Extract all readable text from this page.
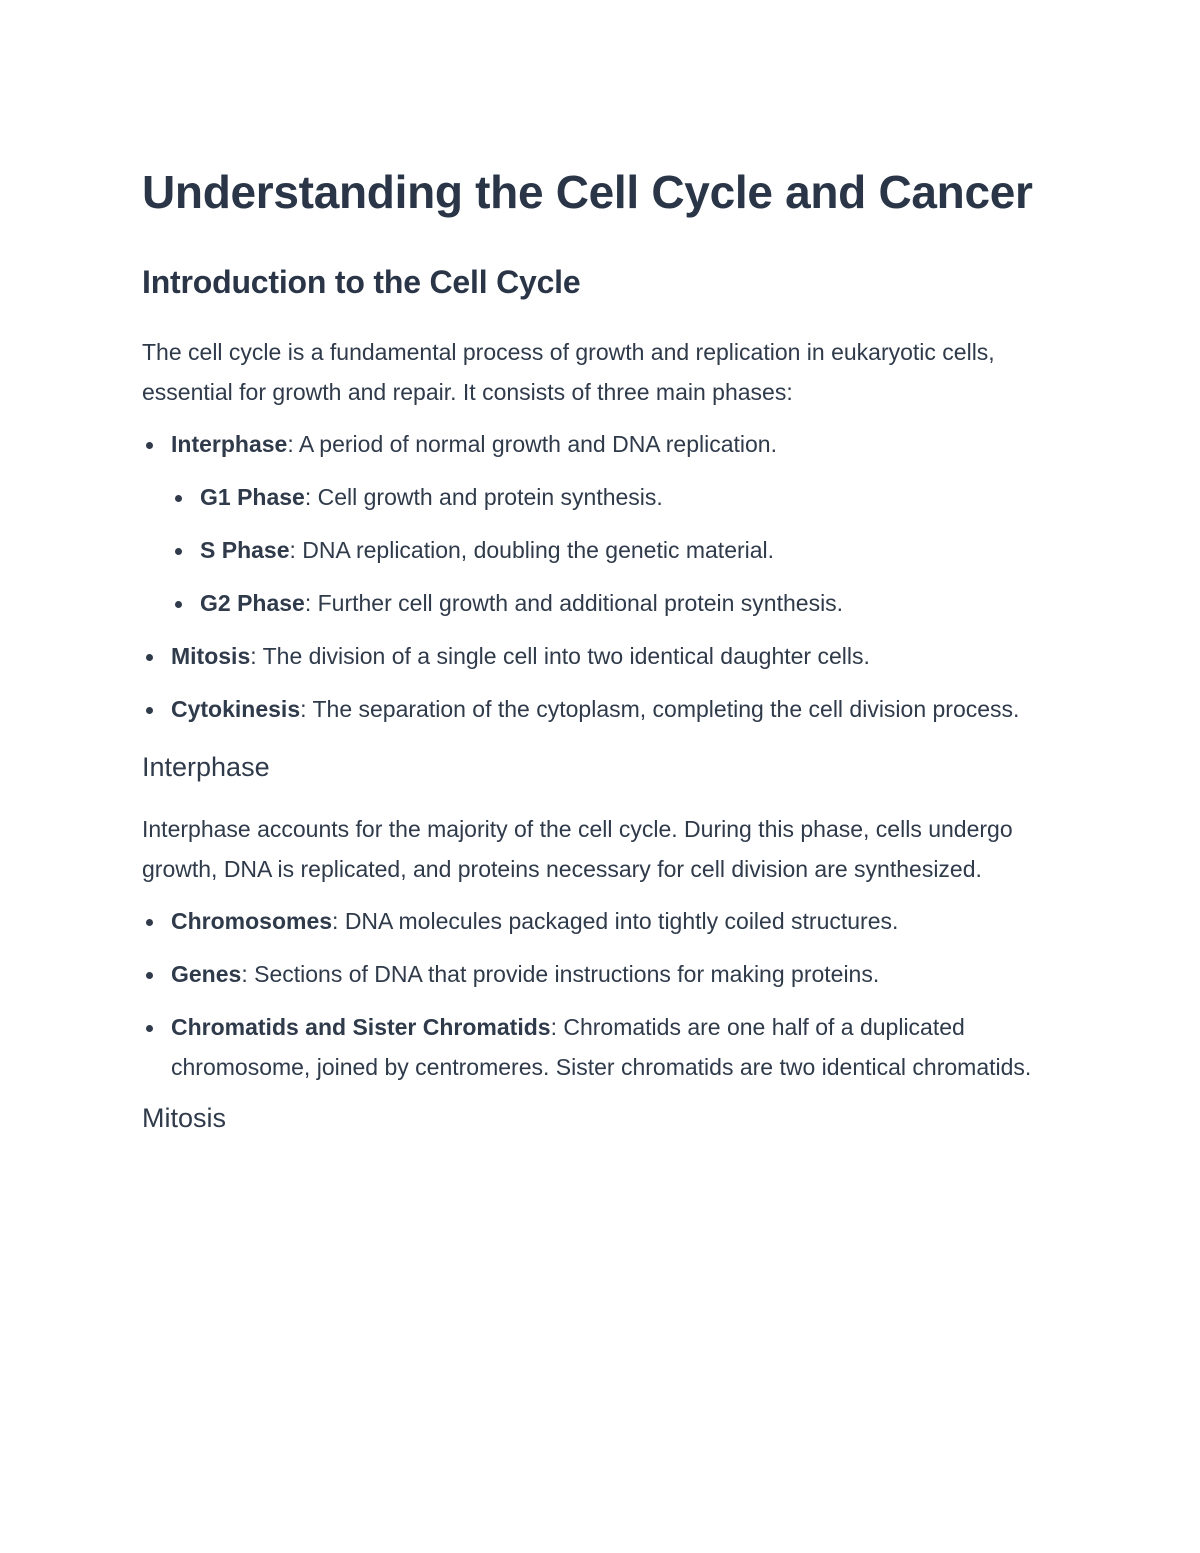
Understanding the Cell Cycle and Cancer
Introduction to the Cell Cycle

The cell cycle is a fundamental process of growth and replication in eukaryotic cells, essential for growth and repair. It consists of three main phases:

Interphase: A period of normal growth and DNA replication.
G1 Phase: Cell growth and protein synthesis.
S Phase: DNA replication, doubling the genetic material.
G2 Phase: Further cell growth and additional protein synthesis.
Mitosis: The division of a single cell into two identical daughter cells.
Cytokinesis: The separation of the cytoplasm, completing the cell division process.
Interphase

Interphase accounts for the majority of the cell cycle. During this phase, cells undergo growth, DNA is replicated, and proteins necessary for cell division are synthesized.

Chromosomes: DNA molecules packaged into tightly coiled structures.
Genes: Sections of DNA that provide instructions for making proteins.
Chromatids and Sister Chromatids: Chromatids are one half of a duplicated chromosome, joined by centromeres. Sister chromatids are two identical chromatids.
Mitosis
